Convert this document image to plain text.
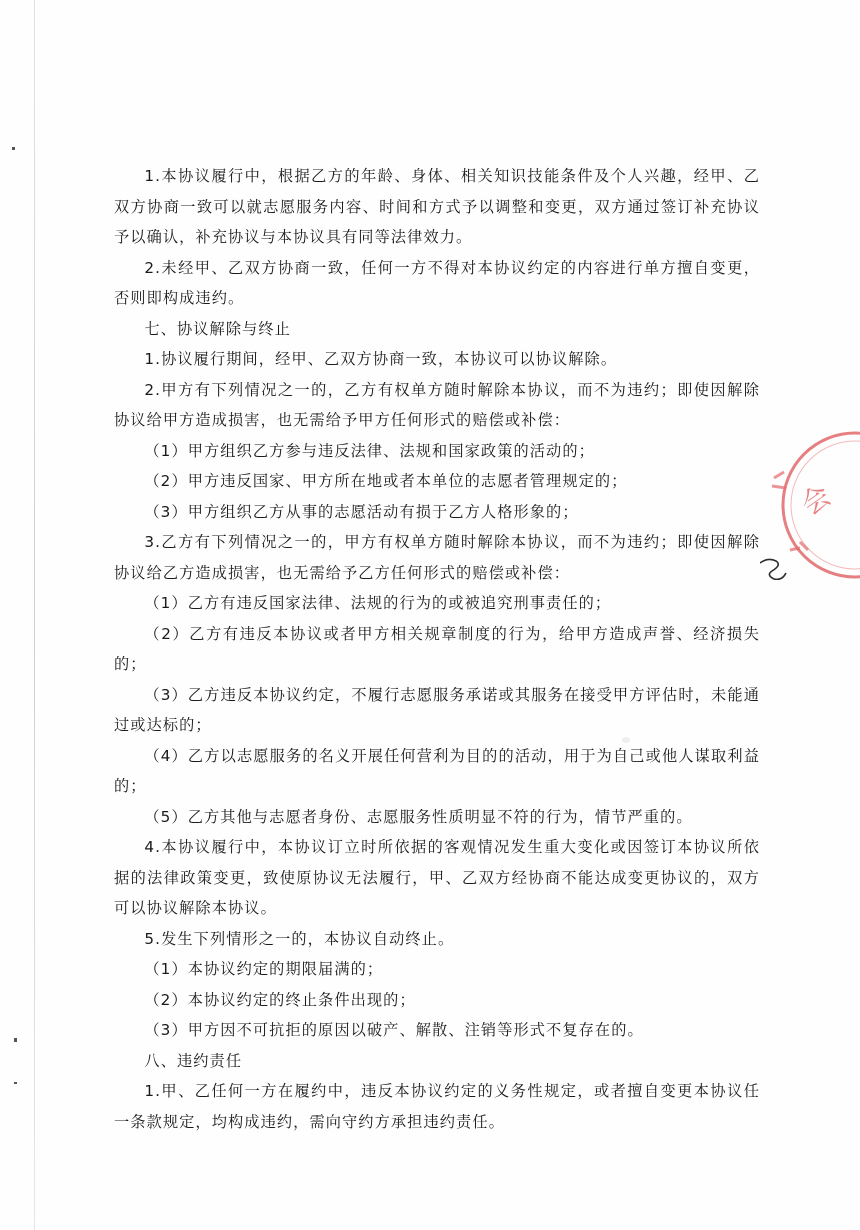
1.本协议履行中，根据乙方的年龄、身体、相关知识技能条件及个人兴趣，经甲、乙双方协商一致可以就志愿服务内容、时间和方式予以调整和变更，双方通过签订补充协议予以确认，补充协议与本协议具有同等法律效力。

2.未经甲、乙双方协商一致，任何一方不得对本协议约定的内容进行单方擅自变更，否则即构成违约。

七、协议解除与终止

1.协议履行期间，经甲、乙双方协商一致，本协议可以协议解除。

2.甲方有下列情况之一的，乙方有权单方随时解除本协议，而不为违约；即使因解除协议给甲方造成损害，也无需给予甲方任何形式的赔偿或补偿：

（1）甲方组织乙方参与违反法律、法规和国家政策的活动的；

（2）甲方违反国家、甲方所在地或者本单位的志愿者管理规定的；

（3）甲方组织乙方从事的志愿活动有损于乙方人格形象的；

3.乙方有下列情况之一的，甲方有权单方随时解除本协议，而不为违约；即使因解除协议给乙方造成损害，也无需给予乙方任何形式的赔偿或补偿：

（1）乙方有违反国家法律、法规的行为的或被追究刑事责任的；

（2）乙方有违反本协议或者甲方相关规章制度的行为，给甲方造成声誉、经济损失的；

（3）乙方违反本协议约定，不履行志愿服务承诺或其服务在接受甲方评估时，未能通过或达标的；

（4）乙方以志愿服务的名义开展任何营利为目的的活动，用于为自己或他人谋取利益的；

（5）乙方其他与志愿者身份、志愿服务性质明显不符的行为，情节严重的。

4.本协议履行中，本协议订立时所依据的客观情况发生重大变化或因签订本协议所依据的法律政策变更，致使原协议无法履行，甲、乙双方经协商不能达成变更协议的，双方可以协议解除本协议。

5.发生下列情形之一的，本协议自动终止。

（1）本协议约定的期限届满的；

（2）本协议约定的终止条件出现的；

（3）甲方因不可抗拒的原因以破产、解散、注销等形式不复存在的。

八、违约责任

1.甲、乙任何一方在履约中，违反本协议约定的义务性规定，或者擅自变更本协议任一条款规定，均构成违约，需向守约方承担违约责任。

会
